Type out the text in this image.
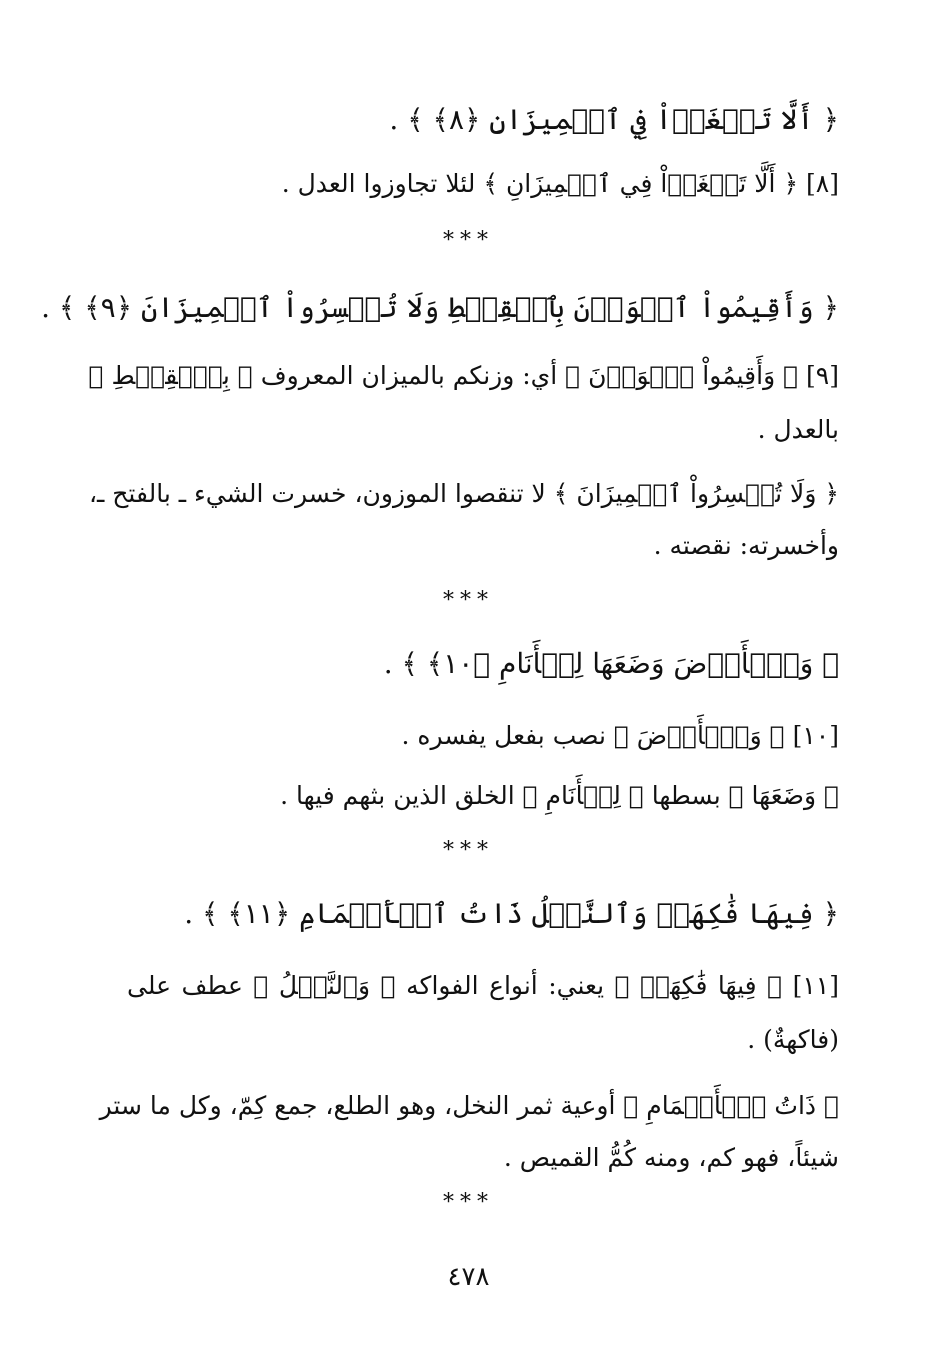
﴿ أَلَّا تَطۡغَوۡاْ فِي ٱلۡمِيزَانِ ﴿٨﴾ ﴾ .
[٨] ﴿ أَلَّا تَطۡغَوۡاْ فِي ٱلۡمِيزَانِ ﴾ لئلا تجاوزوا العدل .
***
﴿ وَأَقِيمُواْ ٱلۡوَزۡنَ بِٱلۡقِسۡطِ وَلَا تُخۡسِرُواْ ٱلۡمِيزَانَ ﴿٩﴾ ﴾ .
[٩] ﴿ وَأَقِيمُواْ ٱلۡوَزۡنَ ﴾ أي: وزنكم بالميزان المعروف ﴿ بِٱلۡقِسۡطِ ﴾
بالعدل .
﴿ وَلَا تُخۡسِرُواْ ٱلۡمِيزَانَ ﴾ لا تنقصوا الموزون، خسرت الشيء ـ بالفتح ـ،
وأخسرته: نقصته .
***
﴿ وَٱلۡأَرۡضَ وَضَعَهَا لِلۡأَنَامِ ﴿١٠﴾ ﴾ .
[١٠] ﴿ وَٱلۡأَرۡضَ ﴾ نصب بفعل يفسره .
﴿ وَضَعَهَا ﴾ بسطها ﴿ لِلۡأَنَامِ ﴾ الخلق الذين بثهم فيها .
***
﴿ فِيهَا فَٰكِهَةٞ وَٱلنَّخۡلُ ذَاتُ ٱلۡأَكۡمَامِ ﴿١١﴾ ﴾ .
[١١] ﴿ فِيهَا فَٰكِهَةٞ ﴾ يعني: أنواع الفواكه ﴿ وَٱلنَّخۡلُ ﴾ عطف على
(فاكهةٌ) .
﴿ ذَاتُ ٱلۡأَكۡمَامِ ﴾ أوعية ثمر النخل، وهو الطلع، جمع كِمّ، وكل ما ستر
شيئاً، فهو كم، ومنه كُمُّ القميص .
***
٤٧٨
